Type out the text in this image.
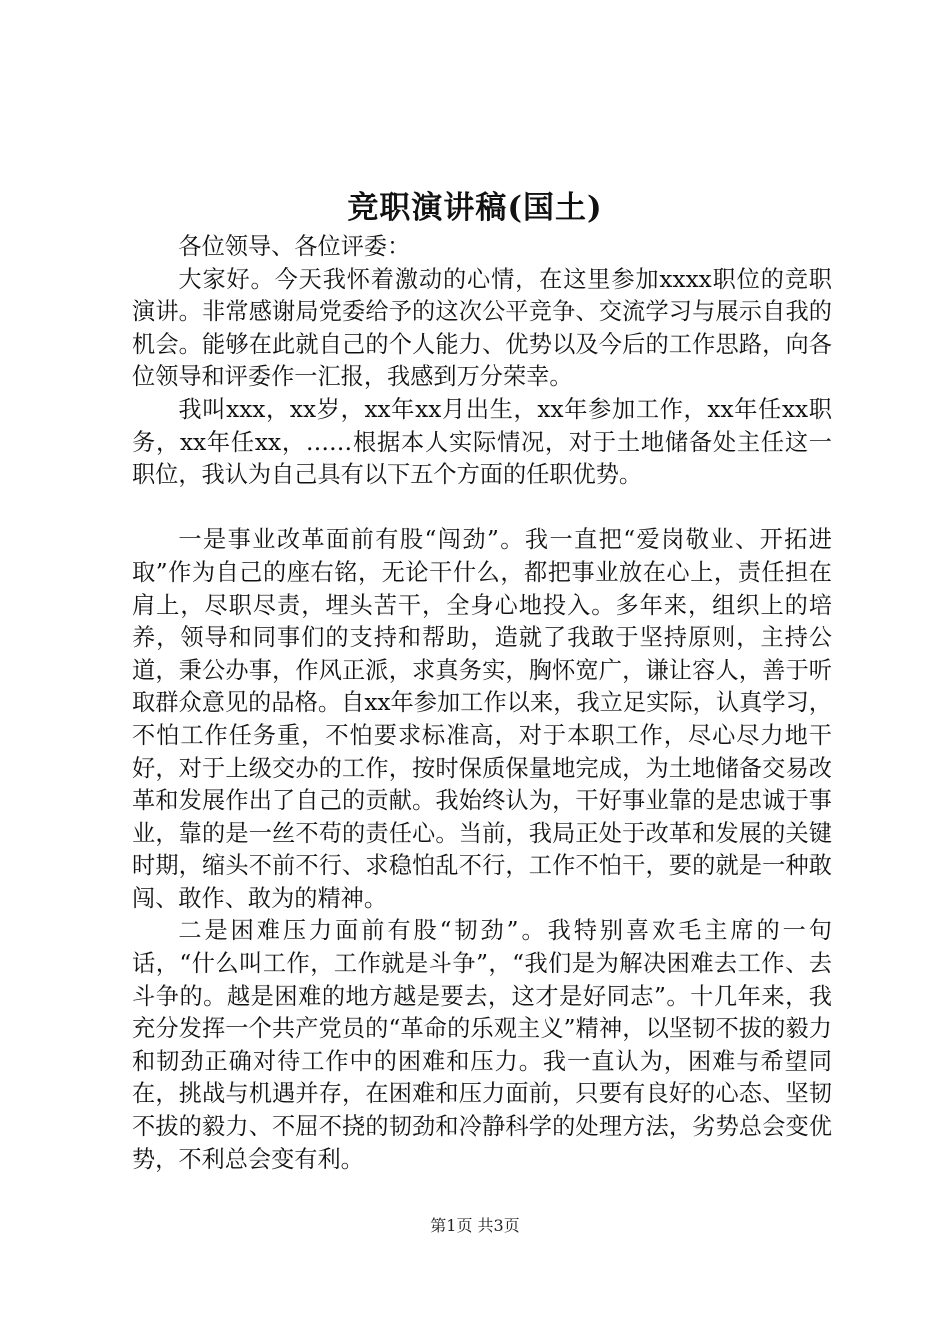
竞职演讲稿(国土)

各位领导、各位评委：

大家好。今天我怀着激动的心情，在这里参加xxxx职位的竞职演讲。非常感谢局党委给予的这次公平竞争、交流学习与展示自我的机会。能够在此就自己的个人能力、优势以及今后的工作思路，向各位领导和评委作一汇报，我感到万分荣幸。

我叫xxx，xx岁，xx年xx月出生，xx年参加工作，xx年任xx职务，xx年任xx，……根据本人实际情况，对于土地储备处主任这一职位，我认为自己具有以下五个方面的任职优势。

一是事业改革面前有股“闯劲”。我一直把“爱岗敬业、开拓进取”作为自己的座右铭，无论干什么，都把事业放在心上，责任担在肩上，尽职尽责，埋头苦干，全身心地投入。多年来，组织上的培养，领导和同事们的支持和帮助，造就了我敢于坚持原则，主持公道，秉公办事，作风正派，求真务实，胸怀宽广，谦让容人，善于听取群众意见的品格。自xx年参加工作以来，我立足实际，认真学习，不怕工作任务重，不怕要求标准高，对于本职工作，尽心尽力地干好，对于上级交办的工作，按时保质保量地完成，为土地储备交易改革和发展作出了自己的贡献。我始终认为，干好事业靠的是忠诚于事业，靠的是一丝不苟的责任心。当前，我局正处于改革和发展的关键时期，缩头不前不行、求稳怕乱不行，工作不怕干，要的就是一种敢闯、敢作、敢为的精神。

二是困难压力面前有股“韧劲”。我特别喜欢毛主席的一句话，“什么叫工作，工作就是斗争”，“我们是为解决困难去工作、去斗争的。越是困难的地方越是要去，这才是好同志”。十几年来，我充分发挥一个共产党员的“革命的乐观主义”精神，以坚韧不拔的毅力和韧劲正确对待工作中的困难和压力。我一直认为，困难与希望同在，挑战与机遇并存，在困难和压力面前，只要有良好的心态、坚韧不拔的毅力、不屈不挠的韧劲和冷静科学的处理方法，劣势总会变优势，不利总会变有利。

第1页 共3页
